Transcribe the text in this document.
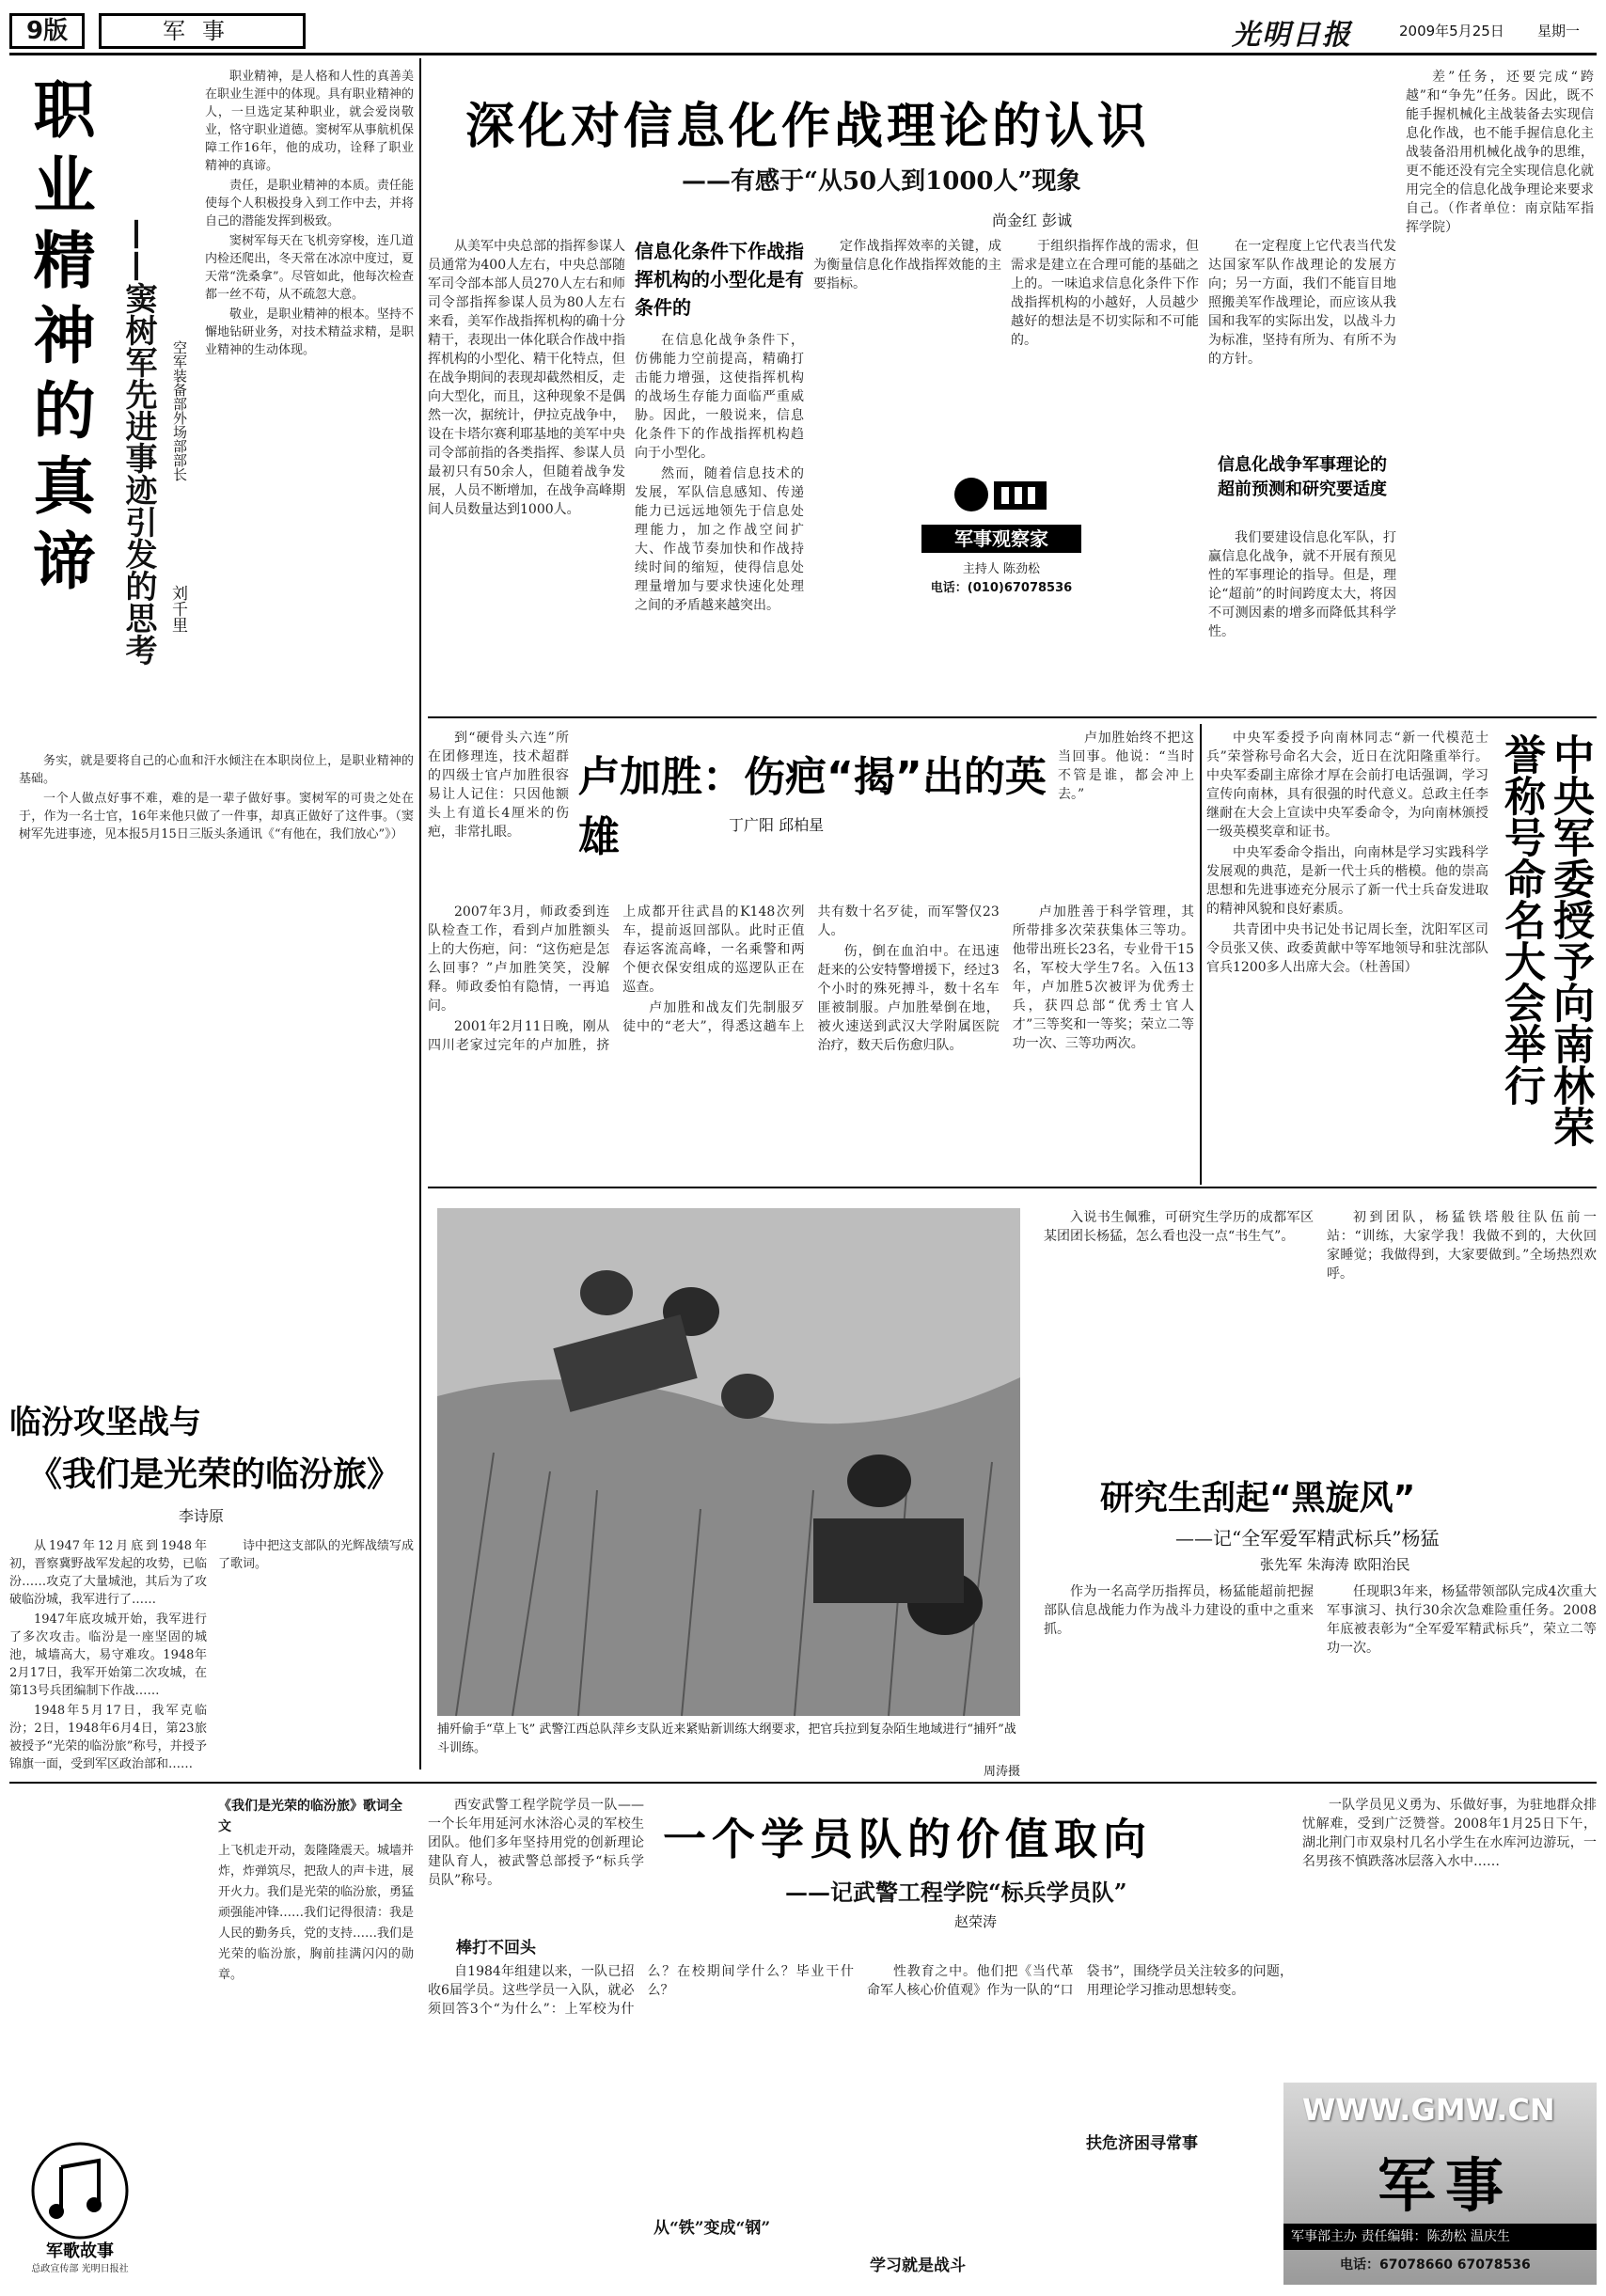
9版	军事	光明日报	2009年5月25日	星期一
职业精神的真谛 ——窦树军先进事迹引发的思考	空军装备部外场部部长
刘千里

职业精神，是人格和人性的真善美在职业生涯中的体现。具有职业精神的人，一旦选定某种职业，就会爱岗敬业，恪守职业道德。窦树军从事航机保障工作16年，他的成功，诠释了职业精神的真谛。

责任，是职业精神的本质。责任能使每个人积极投身入到工作中去，并将自己的潜能发挥到极致。

窦树军每天在飞机旁穿梭，连几道内检还爬出，冬天常在冰凉中度过，夏天常“洗桑拿”。尽管如此，他每次检查都一丝不苟，从不疏忽大意。

敬业，是职业精神的根本。坚持不懈地钻研业务，对技术精益求精，是职业精神的生动体现。

务实，就是要将自己的心血和汗水倾注在本职岗位上，是职业精神的基础。

一个人做点好事不难，难的是一辈子做好事。窦树军的可贵之处在于，作为一名士官，16年来他只做了一件事，却真正做好了这件事。（窦树军先进事迹，见本报5月15日三版头条通讯《“有他在，我们放心”》）

深化对信息化作战理论的认识
——有感于“从50人到1000人”现象
尚金红 彭诚

从美军中央总部的指挥参谋人员通常为400人左右，中央总部随军司令部本部人员270人左右和师司令部指挥参谋人员为80人左右来看，美军作战指挥机构的确十分精干，表现出一体化联合作战中指挥机构的小型化、精干化特点，但在战争期间的表现却截然相反，走向大型化，而且，这种现象不是偶然一次，据统计，伊拉克战争中，设在卡塔尔赛利耶基地的美军中央司令部前指的各类指挥、参谋人员最初只有50余人，但随着战争发展，人员不断增加，在战争高峰期间人员数量达到1000人。

信息化条件下作战指挥机构的小型化是有条件的

在信息化战争条件下，仿佛能力空前提高，精确打击能力增强，这使指挥机构的战场生存能力面临严重威胁。因此，一般说来，信息化条件下的作战指挥机构趋向于小型化。

然而，随着信息技术的发展，军队信息感知、传递能力已远远地领先于信息处理能力，加之作战空间扩大、作战节奏加快和作战持续时间的缩短，使得信息处理量增加与要求快速化处理之间的矛盾越来越突出。

定作战指挥效率的关键，成为衡量信息化作战指挥效能的主要指标。

于组织指挥作战的需求，但需求是建立在合理可能的基础之上的。一味追求信息化条件下作战指挥机构的小越好，人员越少越好的想法是不切实际和不可能的。

军事观察家
主持人 陈劲松
电话：(010)67078536

在一定程度上它代表当代发达国家军队作战理论的发展方向；另一方面，我们不能盲目地照搬美军作战理论，而应该从我国和我军的实际出发，以战斗力为标准，坚持有所为、有所不为的方针。

信息化战争军事理论的超前预测和研究要适度

我们要建设信息化军队，打赢信息化战争，就不开展有预见性的军事理论的指导。但是，理论“超前”的时间跨度太大，将因不可测因素的增多而降低其科学性。

差”任务，还要完成“跨越”和“争先”任务。因此，既不能手握机械化主战装备去实现信息化作战，也不能手握信息化主战装备沿用机械化战争的思维，更不能还没有完全实现信息化就用完全的信息化战争理论来要求自己。（作者单位：南京陆军指挥学院）

到“硬骨头六连”所在团修理连，技术超群的四级士官卢加胜很容易让人记住：只因他额头上有道长4厘米的伤疤，非常扎眼。

卢加胜：伤疤“揭”出的英雄	丁广阳 邱柏星

卢加胜始终不把这当回事。他说：“当时不管是谁，都会冲上去。”

2007年3月，师政委到连队检查工作，看到卢加胜额头上的大伤疤，问：“这伤疤是怎么回事？”卢加胜笑笑，没解释。师政委怕有隐情，一再追问。

2001年2月11日晚，刚从四川老家过完年的卢加胜，挤上成都开往武昌的K148次列车，提前返回部队。此时正值春运客流高峰，一名乘警和两个便衣保安组成的巡逻队正在巡查。

卢加胜和战友们先制服歹徒中的“老大”，得悉这趟车上共有数十名歹徒，而军警仅23人。

伤，倒在血泊中。在迅速赶来的公安特警增援下，经过3个小时的殊死搏斗，数十名车匪被制服。卢加胜晕倒在地，被火速送到武汉大学附属医院治疗，数天后伤愈归队。

卢加胜善于科学管理，其所带排多次荣获集体三等功。他带出班长23名，专业骨干15名，军校大学生7名。入伍13年，卢加胜5次被评为优秀士兵，获四总部“优秀士官人才”三等奖和一等奖；荣立二等功一次、三等功两次。

中央军委授予向南林同志“新一代模范士兵”荣誉称号命名大会，近日在沈阳隆重举行。中央军委副主席徐才厚在会前打电话强调，学习宣传向南林，具有很强的时代意义。总政主任李继耐在大会上宣读中央军委命令，为向南林颁授一级英模奖章和证书。

中央军委命令指出，向南林是学习实践科学发展观的典范，是新一代士兵的楷模。他的崇高思想和先进事迹充分展示了新一代士兵奋发进取的精神风貌和良好素质。

共青团中央书记处书记周长奎，沈阳军区司令员张又侠、政委黄献中等军地领导和驻沈部队官兵1200多人出席大会。（杜善国）	中央军委授予向南林荣誉称号命名大会举行
捕歼偷手“草上飞” 武警江西总队萍乡支队近来紧贴新训练大纲要求，把官兵拉到复杂陌生地域进行“捕歼”战斗训练。
周涛摄

入说书生佩雅，可研究生学历的成都军区某团团长杨猛，怎么看也没一点“书生气”。

初到团队，杨猛铁塔般往队伍前一站：“训练，大家学我！我做不到的，大伙回家睡觉；我做得到，大家要做到。”全场热烈欢呼。

研究生刮起“黑旋风”
——记“全军爱军精武标兵”杨猛
张先军 朱海涛 欧阳治民

作为一名高学历指挥员，杨猛能超前把握部队信息战能力作为战斗力建设的重中之重来抓。

任现职3年来，杨猛带领部队完成4次重大军事演习、执行30余次急难险重任务。2008年底被表彰为“全军爱军精武标兵”，荣立二等功一次。

临汾攻坚战与
《我们是光荣的临汾旅》
李诗原

从1947年12月底到1948年初，晋察冀野战军发起的攻势，已临汾……攻克了大量城池，其后为了攻破临汾城，我军进行了……

1947年底攻城开始，我军进行了多次攻击。临汾是一座坚固的城池，城墙高大，易守难攻。1948年2月17日，我军开始第二次攻城，在第13号兵团编制下作战……

1948年5月17日，我军克临汾；2日，1948年6月4日，第23旅被授予“光荣的临汾旅”称号，并授予锦旗一面，受到军区政治部和……

诗中把这支部队的光辉战绩写成了歌词。

《我们是光荣的临汾旅》歌词全文
上飞机走开动，轰隆隆震天。城墙并炸，炸弹筑尽，把敌人的声卡进，展开火力。我们是光荣的临汾旅，勇猛顽强能冲锋……我们记得很清：我是人民的勤务兵，党的支持……我们是光荣的临汾旅，胸前挂满闪闪的勋章。
军歌故事
总政宣传部 光明日报社

西安武警工程学院学员一队——一个长年用延河水沐浴心灵的军校生团队。他们多年坚持用党的创新理论建队育人，被武警总部授予“标兵学员队”称号。

一个学员队的价值取向
——记武警工程学院“标兵学员队”
赵荣涛
棒打不回头

自1984年组建以来，一队已招收6届学员。这些学员一入队，就必须回答3个“为什么”：上军校为什么？在校期间学什么？毕业干什么？

性教育之中。他们把《当代革命军人核心价值观》作为一队的“口袋书”，围绕学员关注较多的问题，用理论学习推动思想转变。

从“铁”变成“钢”
学习就是战斗
扶危济困寻常事

一队学员见义勇为、乐做好事，为驻地群众排忧解难，受到广泛赞誉。2008年1月25日下午，湖北荆门市双泉村几名小学生在水库河边游玩，一名男孩不慎跌落冰层落入水中……

WWW.GMW.CN
军事
军事部主办 责任编辑：陈劲松 温庆生
电话：67078660 67078536
